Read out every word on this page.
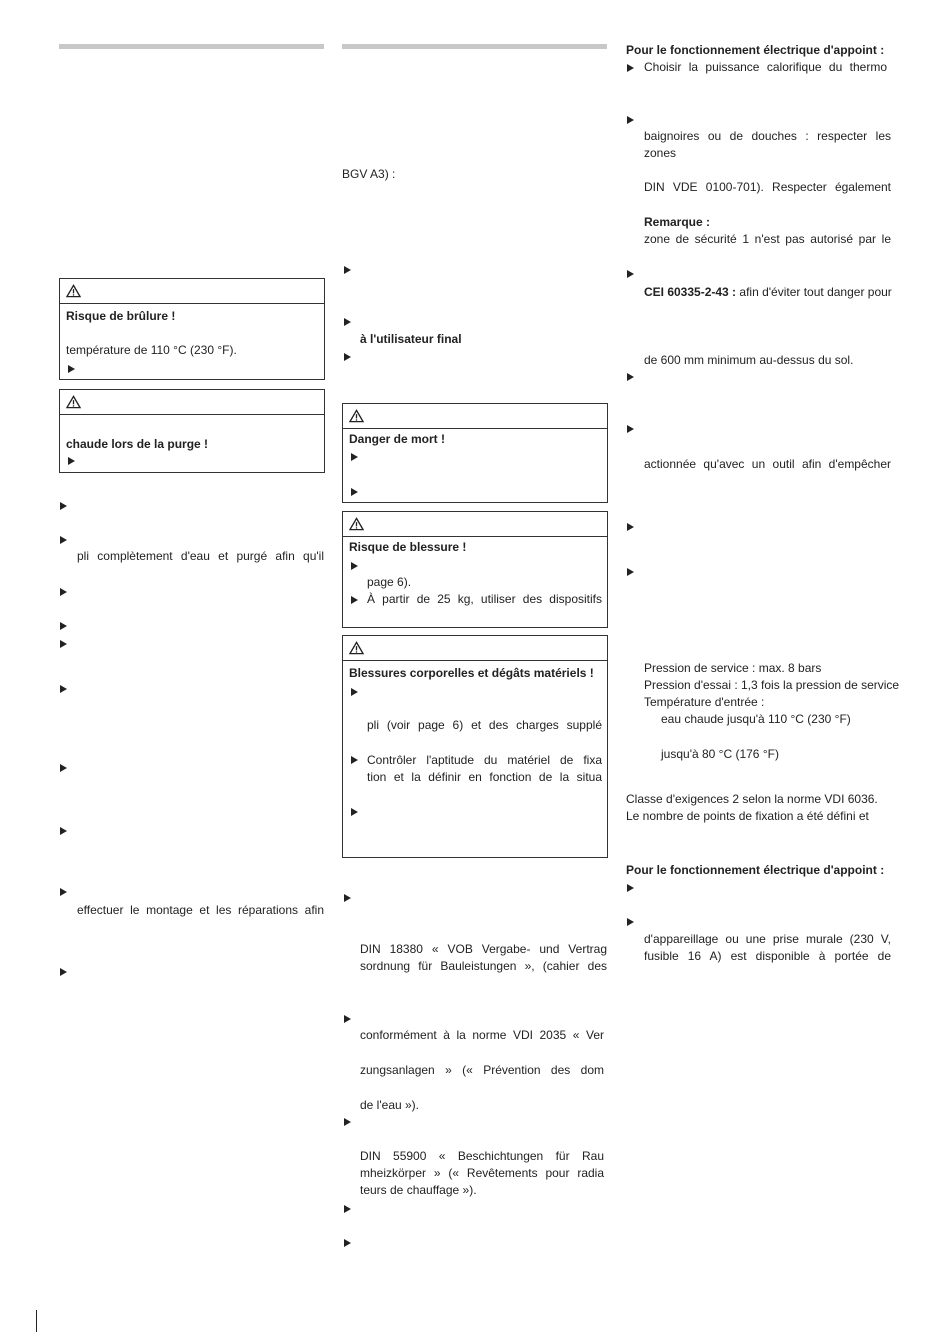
Risque de brûlure !
température de 110 °C (230 °F).
chaude lors de la purge !
pli complètement d'eau et purgé afin qu'il
effectuer le montage et les réparations afin
BGV A3) :
à l'utilisateur final
Danger de mort !
Risque de blessure !
page 6).
À partir de 25 kg, utiliser des dispositifs
Blessures corporelles et dégâts matériels !
pli (voir page 6) et des charges supplé
Contrôler l'aptitude du matériel de fixa
tion et la définir en fonction de la situa
DIN 18380 « VOB Vergabe- und Vertrag
sordnung für Bauleistungen », (cahier des
conformément à la norme VDI 2035 « Ver
zungsanlagen » (« Prévention des dom
de l'eau »).
DIN 55900 « Beschichtungen für Rau
mheizkörper » (« Revêtements pour radia
teurs de chauffage »).
Pour le fonctionnement électrique d'appoint :
Choisir la puissance calorifique du thermo
baignoires ou de douches : respecter les zones
DIN VDE 0100-701). Respecter également
Remarque :
zone de sécurité 1 n'est pas autorisé par le
CEI 60335-2-43 : afin d'éviter tout danger pour
de 600 mm minimum au-dessus du sol.
actionnée qu'avec un outil afin d'empêcher
Pression de service : max. 8 bars
Pression d'essai : 1,3 fois la pression de service
Température d'entrée :
eau chaude jusqu'à 110 °C (230 °F)
jusqu'à 80 °C (176 °F)
Classe d'exigences 2 selon la norme VDI 6036.
Le nombre de points de fixation a été défini et
Pour le fonctionnement électrique d'appoint :
d'appareillage ou une prise murale (230 V,
fusible 16 A) est disponible à portée de
